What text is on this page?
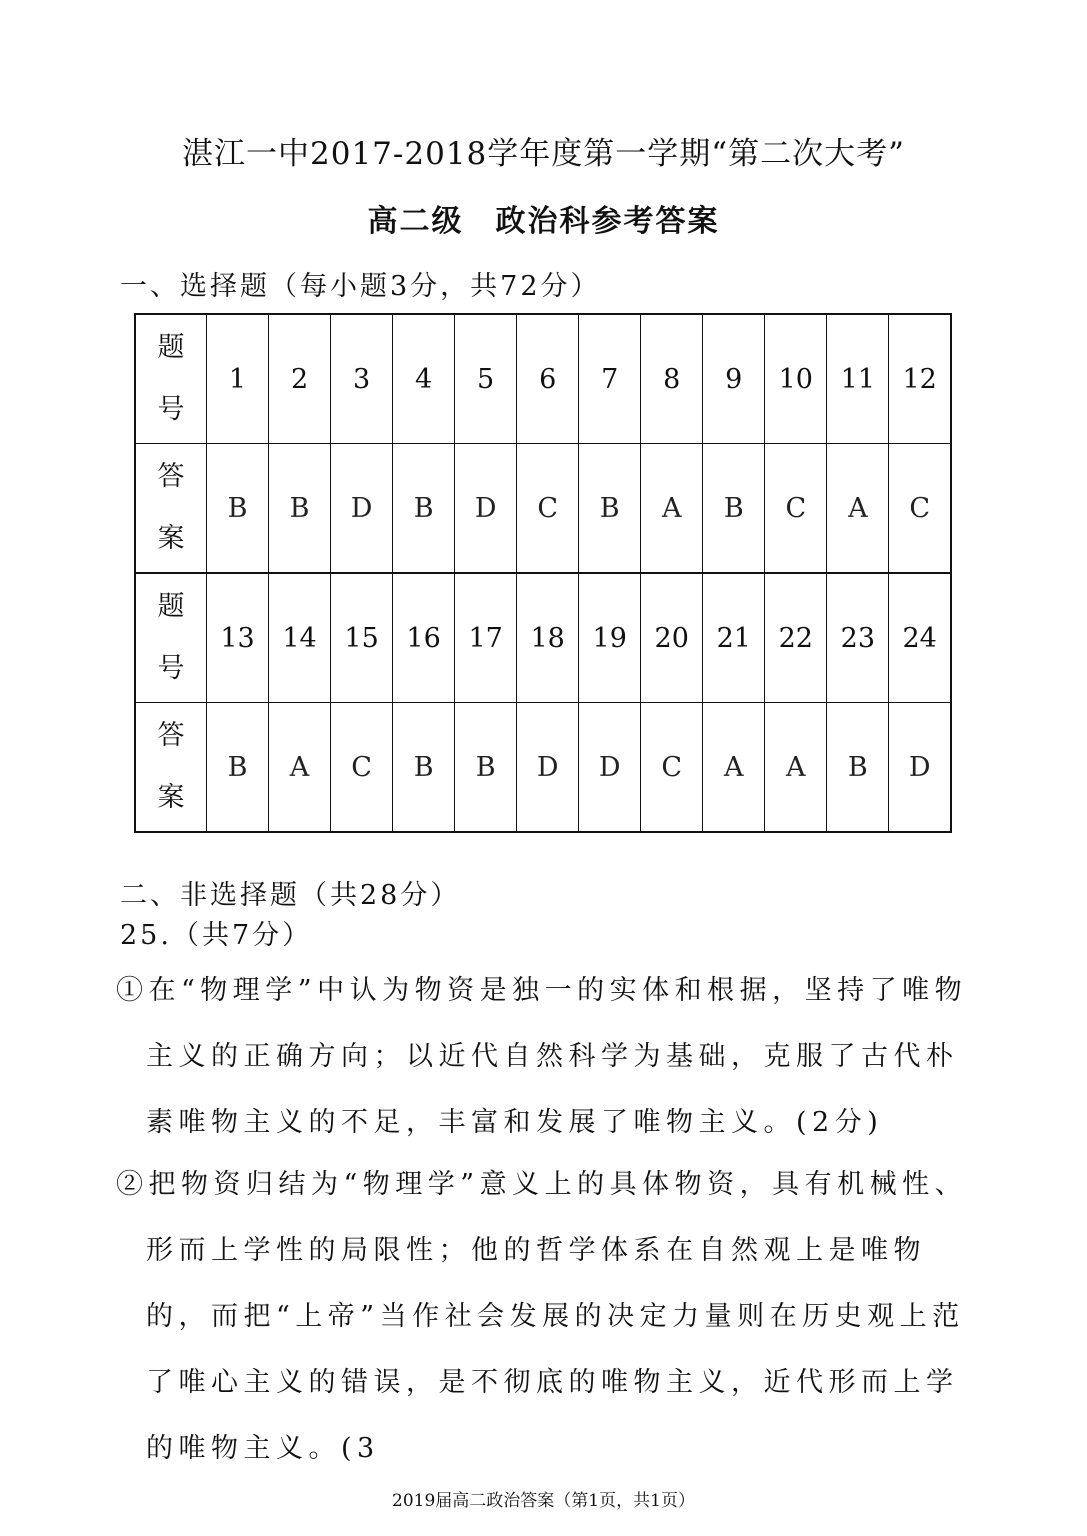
湛江一中2017-2018学年度第一学期“第二次大考”
高二级　政治科参考答案
一、选择题（每小题3分，共72分）
题
号	1	2	3	4	5	6	7	8	9	10	11	12

答
案	B	B	D	B	D	C	B	A	B	C	A	C

题
号	13	14	15	16	17	18	19	20	21	22	23	24

答
案	B	A	C	B	B	D	D	C	A	A	B	D
二、非选择题（共28分）
25.（共7分）
①在“物理学”中认为物资是独一的实体和根据，坚持了唯物主义的正确方向；以近代自然科学为基础，克服了古代朴素唯物主义的不足，丰富和发展了唯物主义。(2分)
②把物资归结为“物理学”意义上的具体物资，具有机械性、形而上学性的局限性；他的哲学体系在自然观上是唯物的，而把“上帝”当作社会发展的决定力量则在历史观上范了唯心主义的错误，是不彻底的唯物主义，近代形而上学的唯物主义。(3
2019届高二政治答案（第1页，共1页）
